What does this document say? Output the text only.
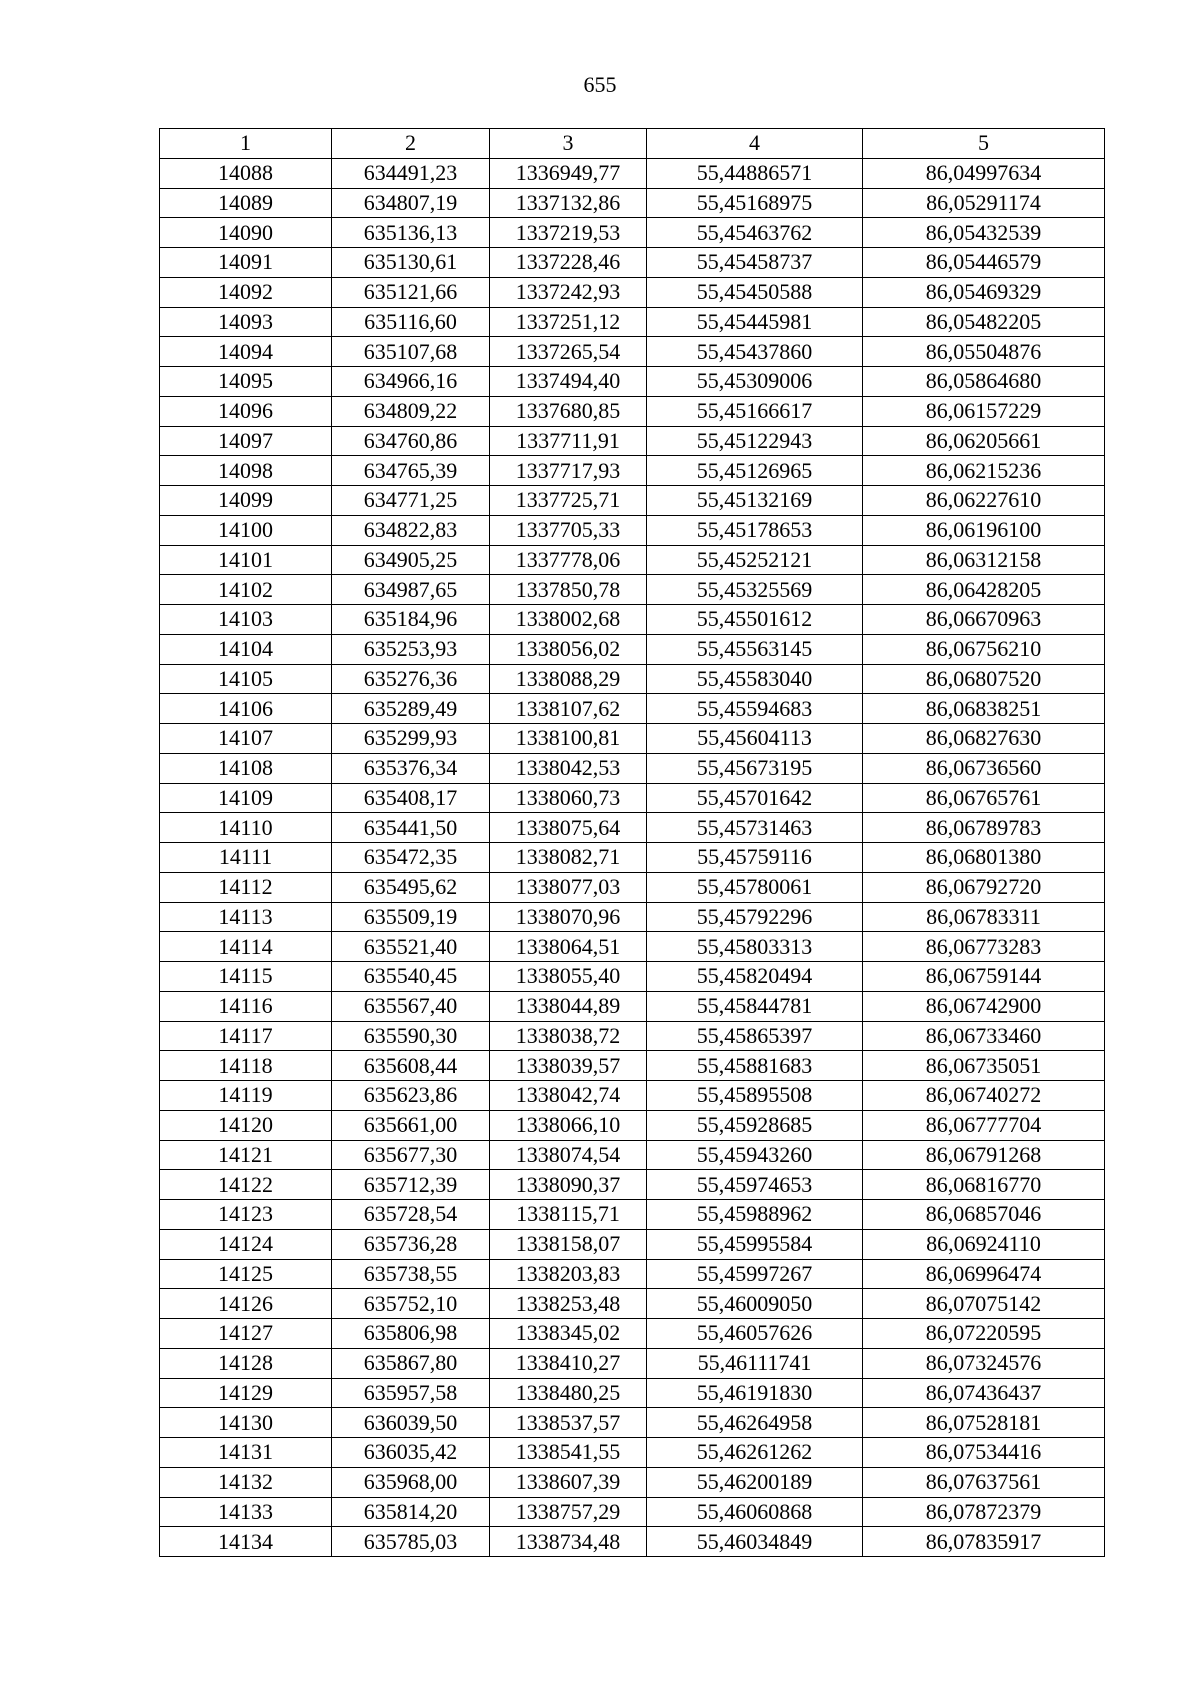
655
1	2	3	4	5
14088	634491,23	1336949,77	55,44886571	86,04997634
14089	634807,19	1337132,86	55,45168975	86,05291174
14090	635136,13	1337219,53	55,45463762	86,05432539
14091	635130,61	1337228,46	55,45458737	86,05446579
14092	635121,66	1337242,93	55,45450588	86,05469329
14093	635116,60	1337251,12	55,45445981	86,05482205
14094	635107,68	1337265,54	55,45437860	86,05504876
14095	634966,16	1337494,40	55,45309006	86,05864680
14096	634809,22	1337680,85	55,45166617	86,06157229
14097	634760,86	1337711,91	55,45122943	86,06205661
14098	634765,39	1337717,93	55,45126965	86,06215236
14099	634771,25	1337725,71	55,45132169	86,06227610
14100	634822,83	1337705,33	55,45178653	86,06196100
14101	634905,25	1337778,06	55,45252121	86,06312158
14102	634987,65	1337850,78	55,45325569	86,06428205
14103	635184,96	1338002,68	55,45501612	86,06670963
14104	635253,93	1338056,02	55,45563145	86,06756210
14105	635276,36	1338088,29	55,45583040	86,06807520
14106	635289,49	1338107,62	55,45594683	86,06838251
14107	635299,93	1338100,81	55,45604113	86,06827630
14108	635376,34	1338042,53	55,45673195	86,06736560
14109	635408,17	1338060,73	55,45701642	86,06765761
14110	635441,50	1338075,64	55,45731463	86,06789783
14111	635472,35	1338082,71	55,45759116	86,06801380
14112	635495,62	1338077,03	55,45780061	86,06792720
14113	635509,19	1338070,96	55,45792296	86,06783311
14114	635521,40	1338064,51	55,45803313	86,06773283
14115	635540,45	1338055,40	55,45820494	86,06759144
14116	635567,40	1338044,89	55,45844781	86,06742900
14117	635590,30	1338038,72	55,45865397	86,06733460
14118	635608,44	1338039,57	55,45881683	86,06735051
14119	635623,86	1338042,74	55,45895508	86,06740272
14120	635661,00	1338066,10	55,45928685	86,06777704
14121	635677,30	1338074,54	55,45943260	86,06791268
14122	635712,39	1338090,37	55,45974653	86,06816770
14123	635728,54	1338115,71	55,45988962	86,06857046
14124	635736,28	1338158,07	55,45995584	86,06924110
14125	635738,55	1338203,83	55,45997267	86,06996474
14126	635752,10	1338253,48	55,46009050	86,07075142
14127	635806,98	1338345,02	55,46057626	86,07220595
14128	635867,80	1338410,27	55,46111741	86,07324576
14129	635957,58	1338480,25	55,46191830	86,07436437
14130	636039,50	1338537,57	55,46264958	86,07528181
14131	636035,42	1338541,55	55,46261262	86,07534416
14132	635968,00	1338607,39	55,46200189	86,07637561
14133	635814,20	1338757,29	55,46060868	86,07872379
14134	635785,03	1338734,48	55,46034849	86,07835917
